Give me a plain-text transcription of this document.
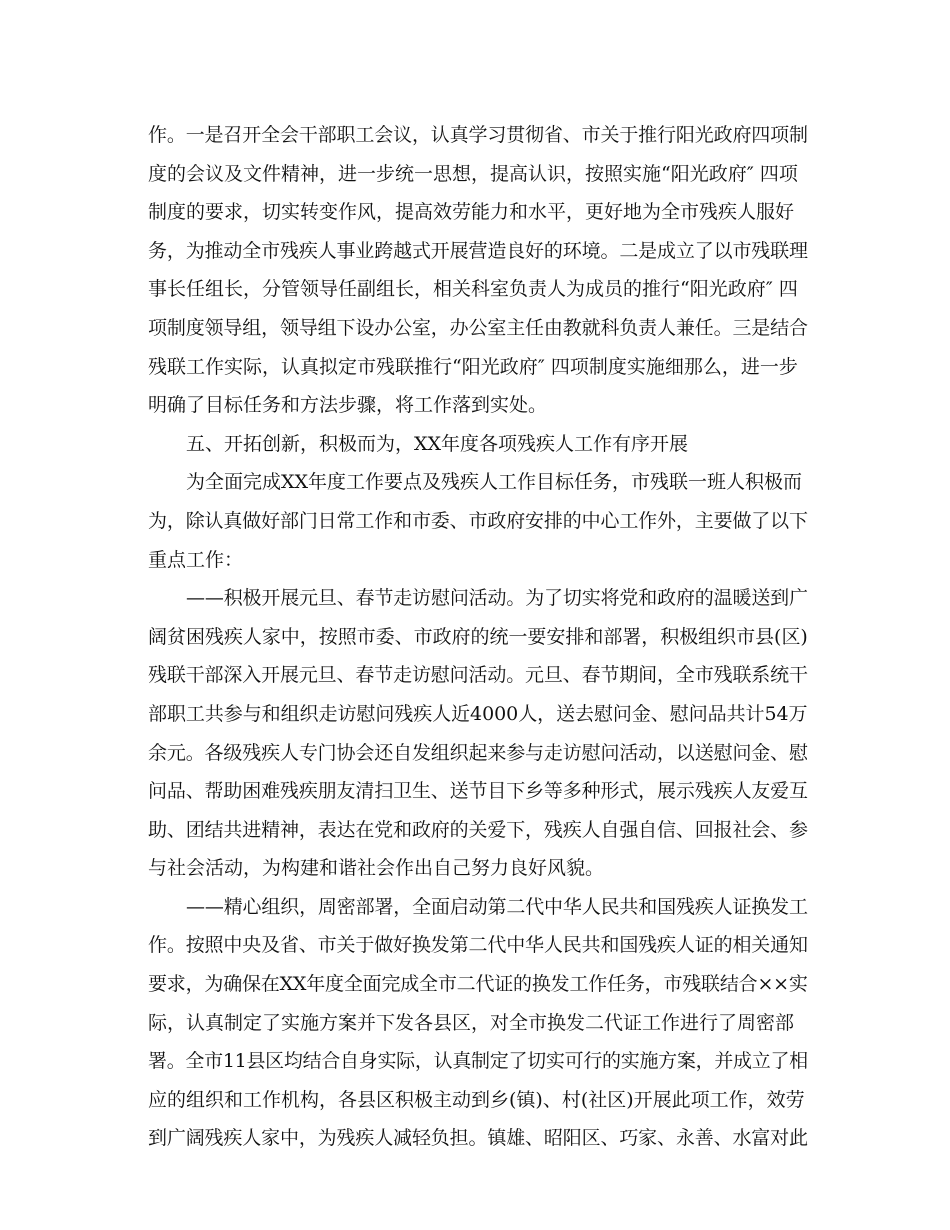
作。一是召开全会干部职工会议，认真学习贯彻省、市关于推行阳光政府四项制
度的会议及文件精神，进一步统一思想，提高认识，按照实施“阳光政府″ 四项
制度的要求，切实转变作风，提高效劳能力和水平，更好地为全市残疾人服好
务，为推动全市残疾人事业跨越式开展营造良好的环境。二是成立了以市残联理
事长任组长，分管领导任副组长，相关科室负责人为成员的推行“阳光政府″ 四
项制度领导组，领导组下设办公室，办公室主任由教就科负责人兼任。三是结合
残联工作实际，认真拟定市残联推行“阳光政府″ 四项制度实施细那么，进一步
明确了目标任务和方法步骤，将工作落到实处。
五、开拓创新，积极而为，XX年度各项残疾人工作有序开展
为全面完成XX年度工作要点及残疾人工作目标任务，市残联一班人积极而
为，除认真做好部门日常工作和市委、市政府安排的中心工作外，主要做了以下
重点工作：
——积极开展元旦、春节走访慰问活动。为了切实将党和政府的温暖送到广
阔贫困残疾人家中，按照市委、市政府的统一要安排和部署，积极组织市县(区)
残联干部深入开展元旦、春节走访慰问活动。元旦、春节期间，全市残联系统干
部职工共参与和组织走访慰问残疾人近4000人，送去慰问金、慰问品共计54万
余元。各级残疾人专门协会还自发组织起来参与走访慰问活动，以送慰问金、慰
问品、帮助困难残疾朋友清扫卫生、送节目下乡等多种形式，展示残疾人友爱互
助、团结共进精神，表达在党和政府的关爱下，残疾人自强自信、回报社会、参
与社会活动，为构建和谐社会作出自己努力良好风貌。
——精心组织，周密部署，全面启动第二代中华人民共和国残疾人证换发工
作。按照中央及省、市关于做好换发第二代中华人民共和国残疾人证的相关通知
要求，为确保在XX年度全面完成全市二代证的换发工作任务，市残联结合××实
际，认真制定了实施方案并下发各县区，对全市换发二代证工作进行了周密部
署。全市11县区均结合自身实际，认真制定了切实可行的实施方案，并成立了相
应的组织和工作机构，各县区积极主动到乡(镇)、村(社区)开展此项工作，效劳
到广阔残疾人家中，为残疾人减轻负担。镇雄、昭阳区、巧家、永善、水富对此
